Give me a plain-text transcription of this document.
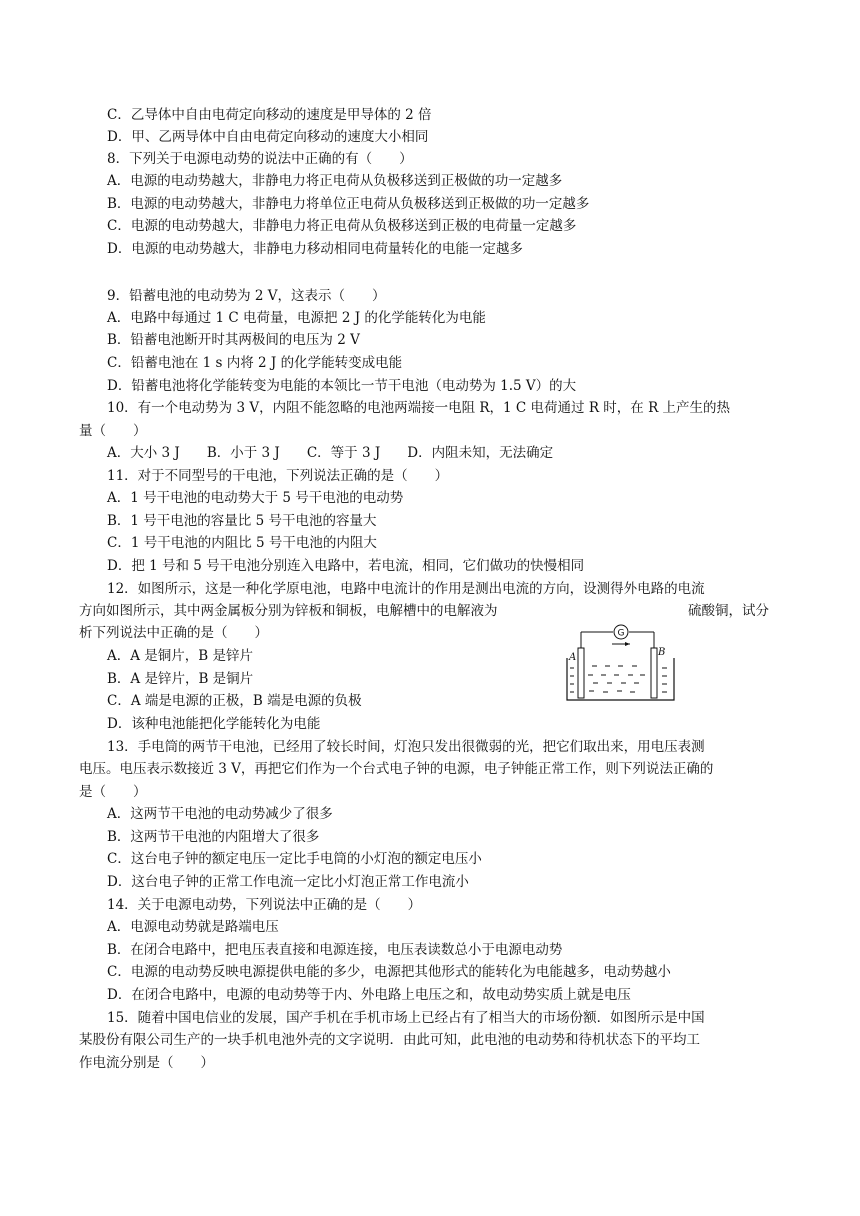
C．乙导体中自由电荷定向移动的速度是甲导体的 2 倍
D．甲、乙两导体中自由电荷定向移动的速度大小相同
8．下列关于电源电动势的说法中正确的有（　　）
A．电源的电动势越大，非静电力将正电荷从负极移送到正极做的功一定越多
B．电源的电动势越大，非静电力将单位正电荷从负极移送到正极做的功一定越多
C．电源的电动势越大，非静电力将正电荷从负极移送到正极的电荷量一定越多
D．电源的电动势越大，非静电力移动相同电荷量转化的电能一定越多
9．铅蓄电池的电动势为 2 V，这表示（　　）
A．电路中每通过 1 C 电荷量，电源把 2 J 的化学能转化为电能
B．铅蓄电池断开时其两极间的电压为 2 V
C．铅蓄电池在 1 s 内将 2 J 的化学能转变成电能
D．铅蓄电池将化学能转变为电能的本领比一节干电池（电动势为 1.5 V）的大
10．有一个电动势为 3 V，内阻不能忽略的电池两端接一电阻 R，1 C 电荷通过 R 时，在 R 上产生的热
量（　　）
A．大小 3 J　　B．小于 3 J　　C．等于 3 J　　D．内阻未知，无法确定
11．对于不同型号的干电池，下列说法正确的是（　　）
A．1 号干电池的电动势大于 5 号干电池的电动势
B．1 号干电池的容量比 5 号干电池的容量大
C．1 号干电池的内阻比 5 号干电池的内阻大
D．把 1 号和 5 号干电池分别连入电路中，若电流，相同，它们做功的快慢相同
12．如图所示，这是一种化学原电池，电路中电流计的作用是测出电流的方向，设测得外电路的电流
方向如图所示，其中两金属板分别为锌板和铜板，电解槽中的电解液为	硫酸铜，试分
析下列说法中正确的是（　　）
A．A 是铜片，B 是锌片
B．A 是锌片，B 是铜片
C．A 端是电源的正极，B 端是电源的负极
D．该种电池能把化学能转化为电能
G
A	B
13．手电筒的两节干电池，已经用了较长时间，灯泡只发出很微弱的光，把它们取出来，用电压表测
电压。电压表示数接近 3 V，再把它们作为一个台式电子钟的电源，电子钟能正常工作，则下列说法正确的
是（　　）
A．这两节干电池的电动势减少了很多
B．这两节干电池的内阻增大了很多
C．这台电子钟的额定电压一定比手电筒的小灯泡的额定电压小
D．这台电子钟的正常工作电流一定比小灯泡正常工作电流小
14．关于电源电动势，下列说法中正确的是（　　）
A．电源电动势就是路端电压
B．在闭合电路中，把电压表直接和电源连接，电压表读数总小于电源电动势
C．电源的电动势反映电源提供电能的多少，电源把其他形式的能转化为电能越多，电动势越小
D．在闭合电路中，电源的电动势等于内、外电路上电压之和，故电动势实质上就是电压
15．随着中国电信业的发展，国产手机在手机市场上已经占有了相当大的市场份额．如图所示是中国
某股份有限公司生产的一块手机电池外壳的文字说明．由此可知，此电池的电动势和待机状态下的平均工
作电流分别是（　　）
